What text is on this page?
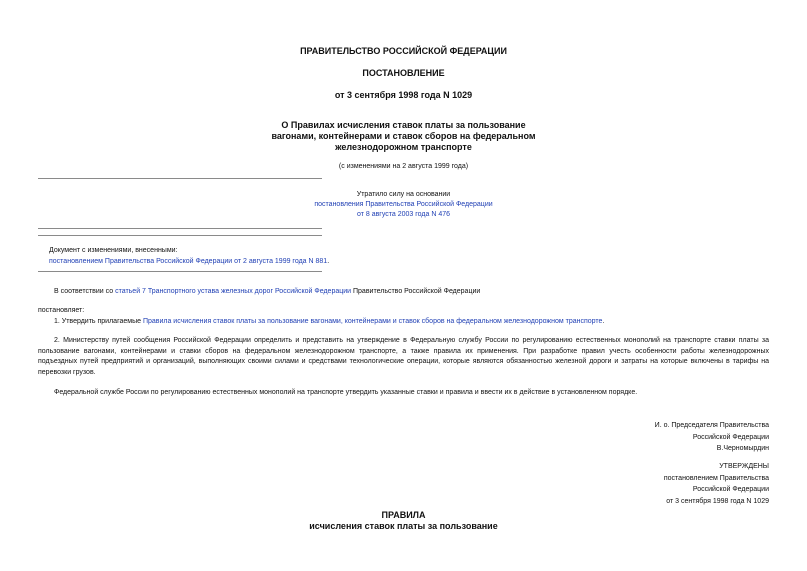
ПРАВИТЕЛЬСТВО РОССИЙСКОЙ ФЕДЕРАЦИИ
ПОСТАНОВЛЕНИЕ
от 3 сентября 1998 года N 1029
О Правилах исчисления ставок платы за пользование
вагонами, контейнерами и ставок сборов на федеральном
железнодорожном транспорте
(с изменениями на 2 августа 1999 года)
Утратило силу на основании
постановления Правительства Российской Федерации
от 8 августа 2003 года N 476
Документ с изменениями, внесенными:
постановлением Правительства Российской Федерации от 2 августа 1999 года N 881.
В соответствии со статьей 7 Транспортного устава железных дорог Российской Федерации Правительство Российской Федерации
постановляет:
1. Утвердить прилагаемые Правила исчисления ставок платы за пользование вагонами, контейнерами и ставок сборов на федеральном железнодорожном транспорте.
2. Министерству путей сообщения Российской Федерации определить и представить на утверждение в Федеральную службу России по регулированию естественных монополий на транспорте ставки платы за
пользование вагонами, контейнерами и ставки сборов на федеральном железнодорожном транспорте, а также правила их применения. При разработке правил учесть особенности работы железнодорожных
подъездных путей предприятий и организаций, выполняющих своими силами и средствами технологические операции, которые являются обязанностью железной дороги и затраты на которые включены в тарифы на
перевозки грузов.
Федеральной службе России по регулированию естественных монополий на транспорте утвердить указанные ставки и правила и ввести их в действие в установленном порядке.
И. о. Председателя Правительства
Российской Федерации
В.Черномырдин
УТВЕРЖДЕНЫ
постановлением Правительства
Российской Федерации
от 3 сентября 1998 года N 1029
ПРАВИЛА
исчисления ставок платы за пользование
